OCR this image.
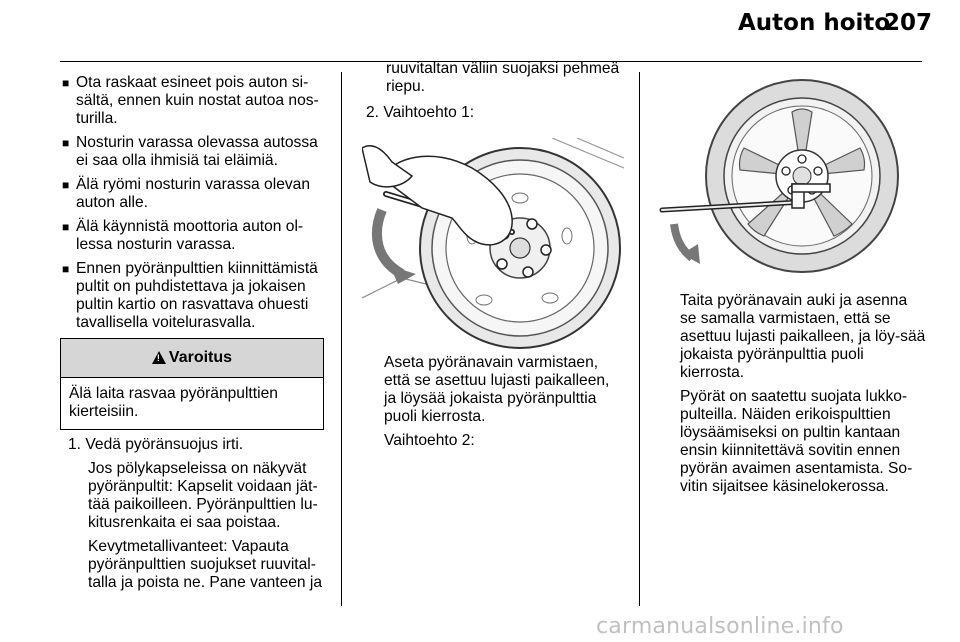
Auton hoito
207
■ Ota raskaat esineet pois auton si-sältä, ennen kuin nostat autoa nos-turilla.
■ Nosturin varassa olevassa autossa ei saa olla ihmisiä tai eläimiä.
■ Älä ryömi nosturin varassa olevan auton alle.
■ Älä käynnistä moottoria auton ol-lessa nosturin varassa.
■ Ennen pyöränpulttien kiinnittämistä pultit on puhdistettava ja jokaisen pultin kartio on rasvattava ohuesti tavallisella voitelurasvalla.
! Varoitus
Älä laita rasvaa pyöränpulttien kierteisiin.
1. Vedä pyöränsuojus irti.
Jos pölykapseleissa on näkyvät pyöränpultit: Kapselit voidaan jät-tää paikoilleen. Pyöränpulttien lu-kitusrenkaita ei saa poistaa.
Kevytmetallivanteet: Vapauta pyöränpulttien suojukset ruuvital-talla ja poista ne. Pane vanteen ja
ruuvitaltan väliin suojaksi pehmeä riepu.
2. Vaihtoehto 1:
Aseta pyöränavain varmistaen, että se asettuu lujasti paikalleen, ja löysää jokaista pyöränpulttia puoli kierrosta.
Vaihtoehto 2:
Taita pyöränavain auki ja asenna se samalla varmistaen, että se asettuu lujasti paikalleen, ja löy-sää jokaista pyöränpulttia puoli kierrosta.
Pyörät on saatettu suojata lukko-pulteilla. Näiden erikoispulttien löysäämiseksi on pultin kantaan ensin kiinnitettävä sovitin ennen pyörän avaimen asentamista. So-vitin sijaitsee käsinelokerossa.
carmanualsonline.info
